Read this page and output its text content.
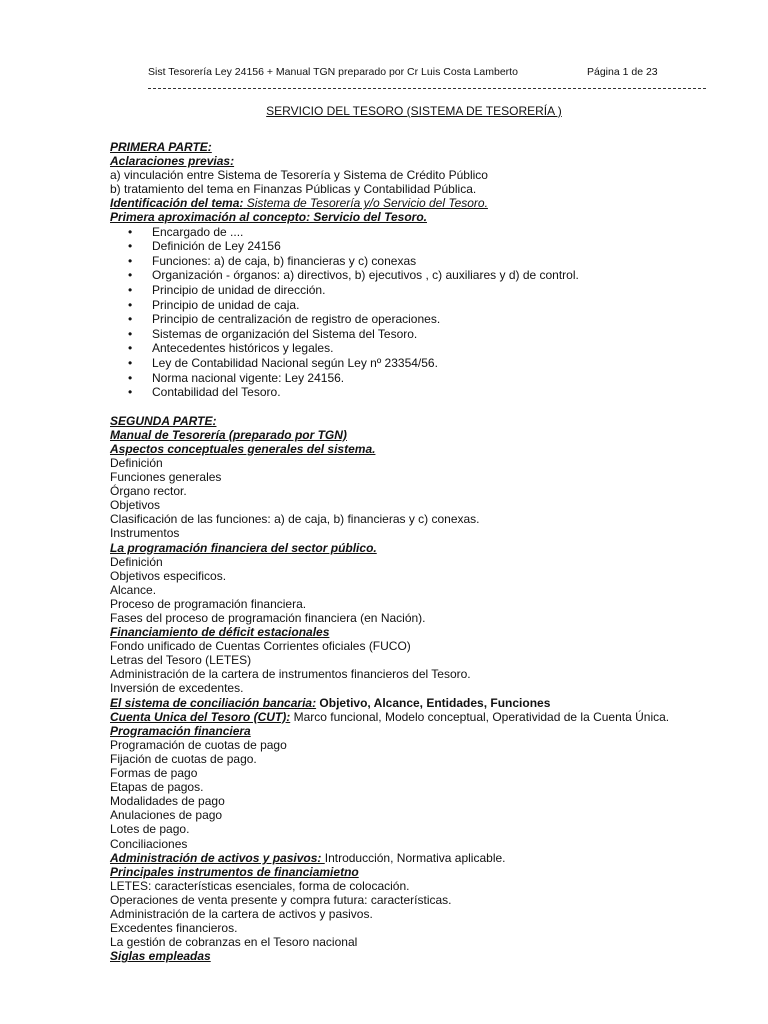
Sist Tesorería Ley 24156 + Manual TGN preparado por Cr Luis Costa Lamberto	Página 1 de 23
SERVICIO DEL TESORO (SISTEMA DE TESORERÍA )
PRIMERA PARTE:
Aclaraciones previas:
a) vinculación entre Sistema de Tesorería y Sistema de Crédito Público
b) tratamiento del tema en Finanzas Públicas y Contabilidad Pública.
Identificación del tema: Sistema de Tesorería y/o Servicio del Tesoro.
Primera aproximación al concepto: Servicio del Tesoro.
• Encargado de ....
• Definición de Ley 24156
• Funciones: a) de caja, b) financieras y c) conexas
• Organización - órganos: a) directivos, b) ejecutivos , c) auxiliares y d) de control.
• Principio de unidad de dirección.
• Principio de unidad de caja.
• Principio de centralización de registro de operaciones.
• Sistemas de organización del Sistema del Tesoro.
• Antecedentes históricos y legales.
• Ley de Contabilidad Nacional según Ley nº 23354/56.
• Norma nacional vigente: Ley 24156.
• Contabilidad del Tesoro.
SEGUNDA PARTE:
Manual de Tesorería (preparado por TGN)
Aspectos conceptuales generales del sistema.
Definición
Funciones generales
Órgano rector.
Objetivos
Clasificación de las funciones: a) de caja, b) financieras y c) conexas.
Instrumentos
La programación financiera del sector público.
Definición
Objetivos especificos.
Alcance.
Proceso de programación financiera.
Fases del proceso de programación financiera (en Nación).
Financiamiento de déficit estacionales
Fondo unificado de Cuentas Corrientes oficiales (FUCO)
Letras del Tesoro (LETES)
Administración de la cartera de instrumentos financieros del Tesoro.
Inversión de excedentes.
El sistema de conciliación bancaria: Objetivo, Alcance, Entidades, Funciones
Cuenta Unica del Tesoro (CUT): Marco funcional, Modelo conceptual, Operatividad de la Cuenta Única.
Programación financiera
Programación de cuotas de pago
Fijación de cuotas de pago.
Formas de pago
Etapas de pagos.
Modalidades de pago
Anulaciones de pago
Lotes de pago.
Conciliaciones
Administración de activos y pasivos: Introducción, Normativa aplicable.
Principales instrumentos de financiamietno
LETES: características esenciales, forma de colocación.
Operaciones de venta presente y compra futura: características.
Administración de la cartera de activos y pasivos.
Excedentes financieros.
La gestión de cobranzas en el Tesoro nacional
Siglas empleadas
